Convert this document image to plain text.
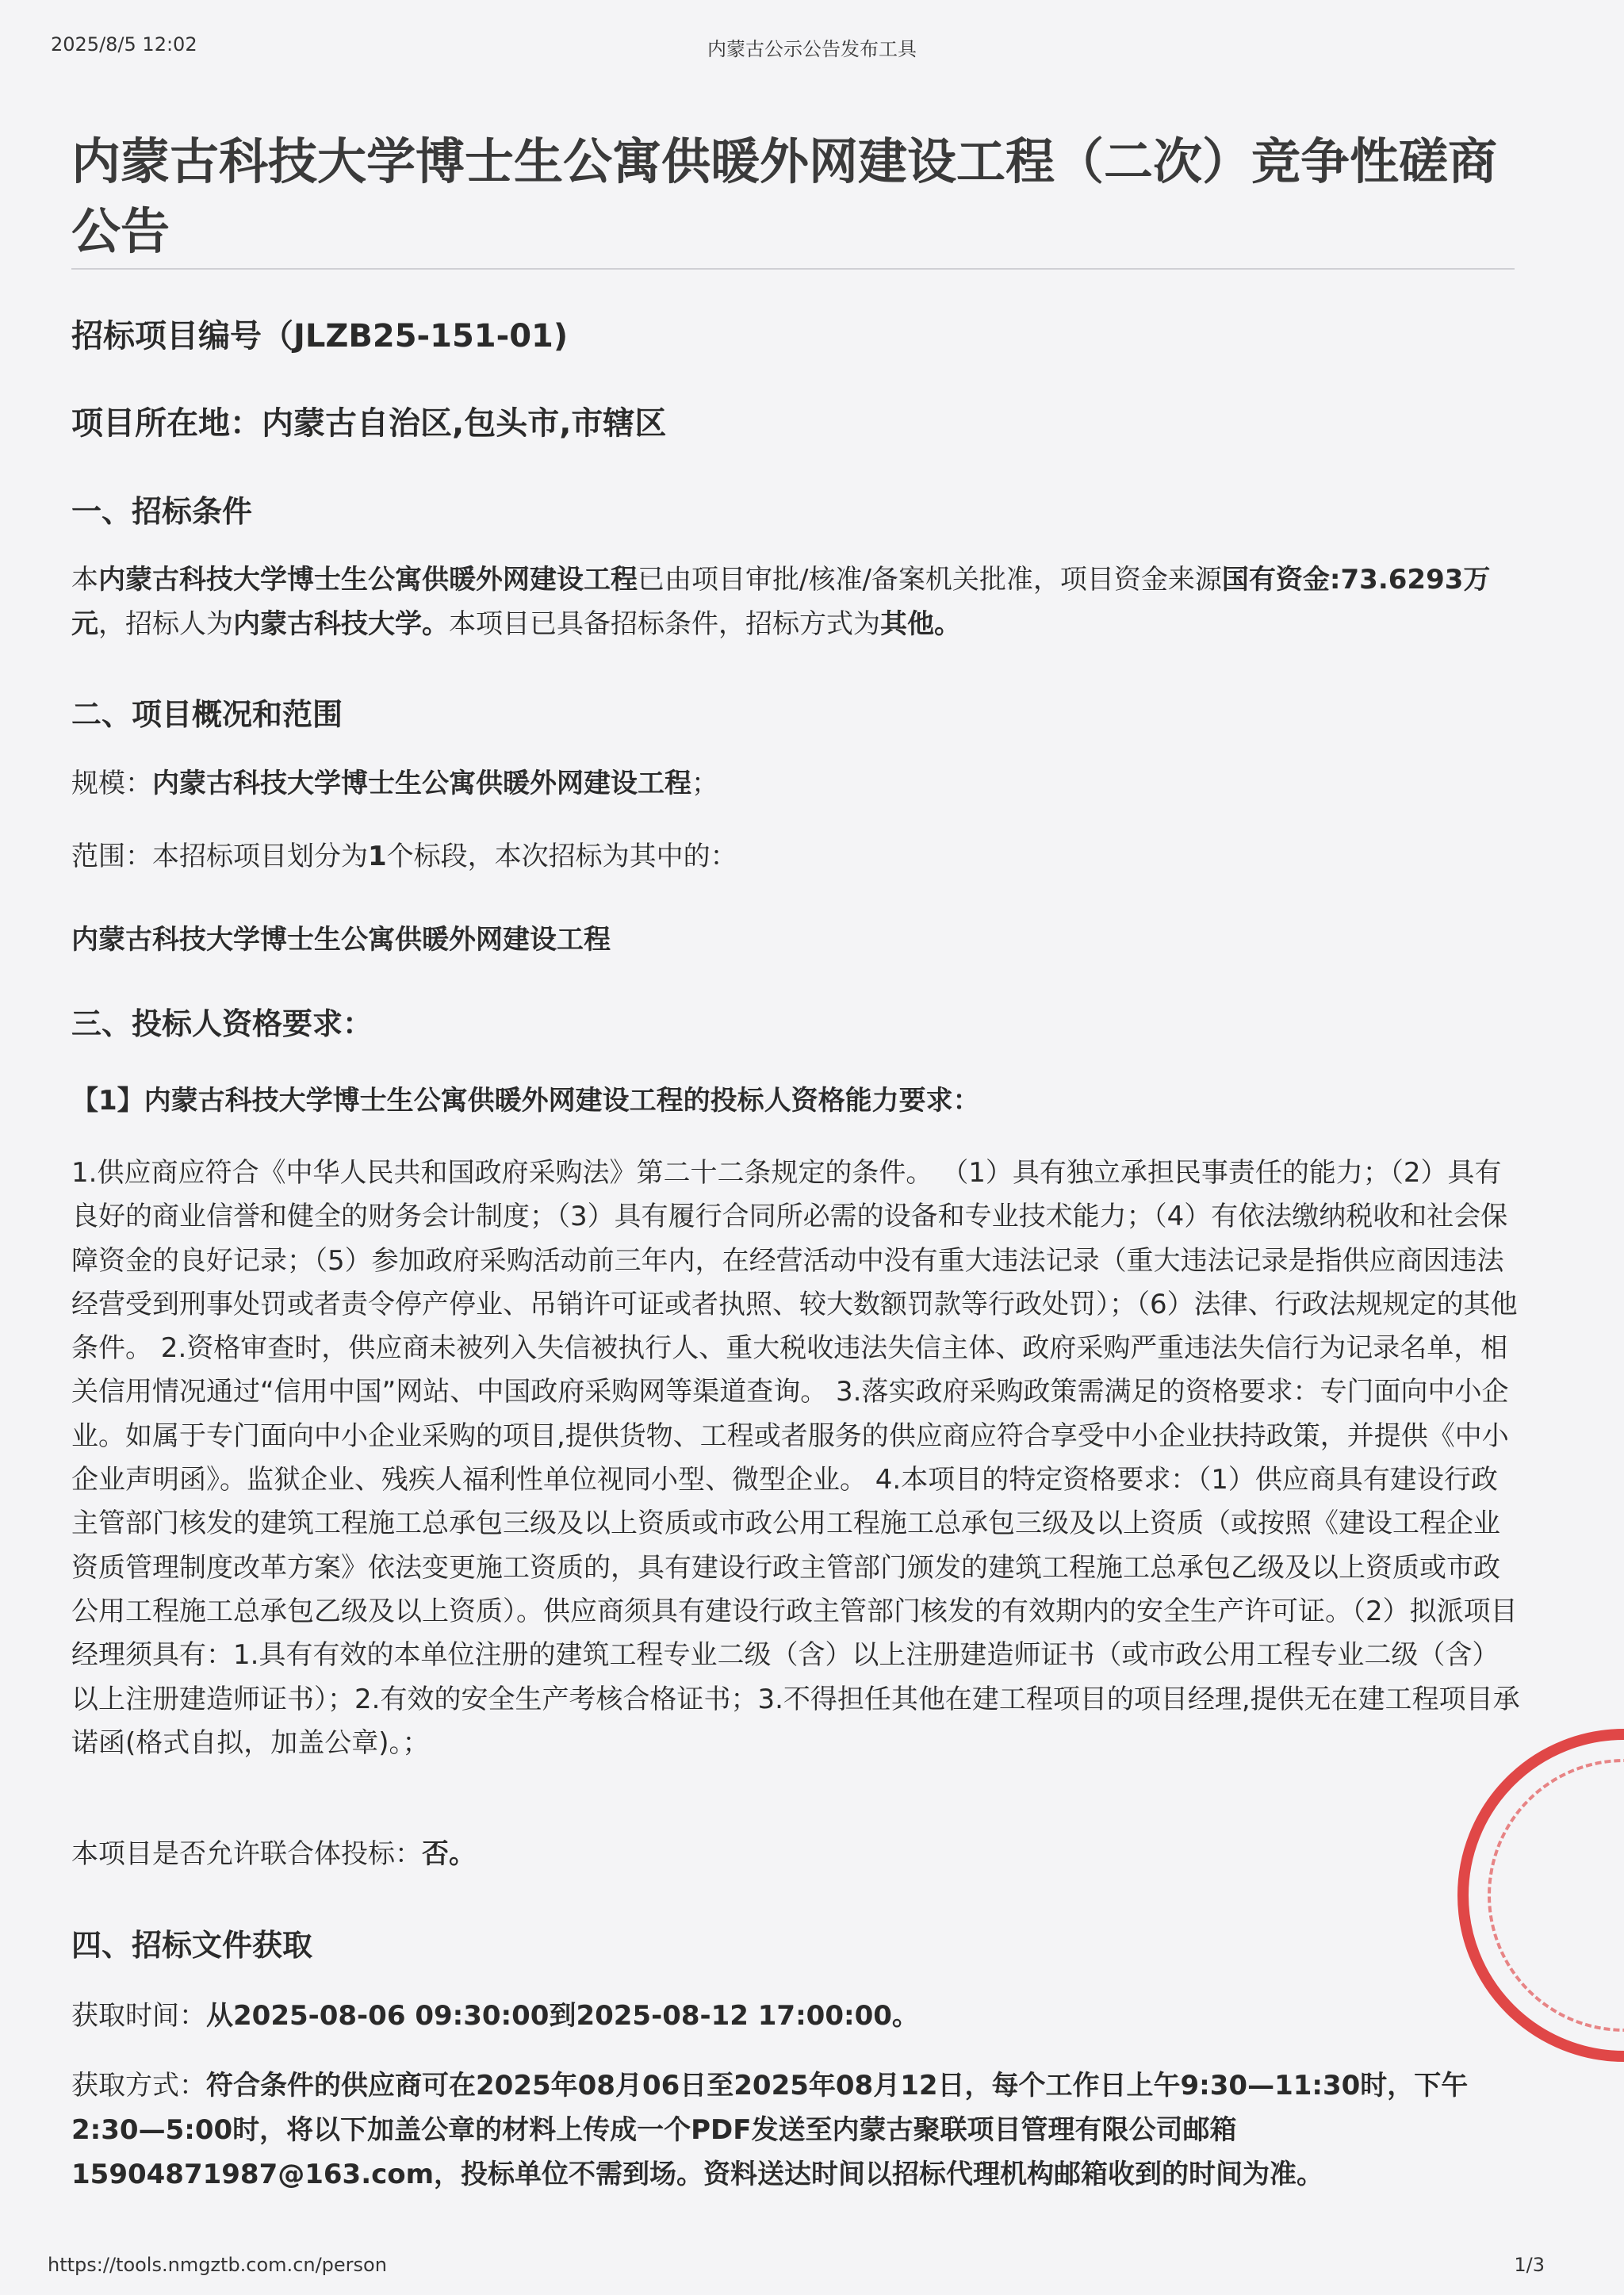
2025/8/5 12:02	内蒙古公示公告发布工具
内蒙古科技大学博士生公寓供暖外网建设工程（二次）竞争性磋商公告
招标项目编号（JLZB25-151-01)
项目所在地：内蒙古自治区,包头市,市辖区
一、招标条件
本内蒙古科技大学博士生公寓供暖外网建设工程已由项目审批/核准/备案机关批准，项目资金来源国有资金:73.6293万元，招标人为内蒙古科技大学。本项目已具备招标条件，招标方式为其他。
二、项目概况和范围
规模：内蒙古科技大学博士生公寓供暖外网建设工程；
范围：本招标项目划分为1个标段，本次招标为其中的：
内蒙古科技大学博士生公寓供暖外网建设工程
三、投标人资格要求：
【1】内蒙古科技大学博士生公寓供暖外网建设工程的投标人资格能力要求：
1.供应商应符合《中华人民共和国政府采购法》第二十二条规定的条件。 （1）具有独立承担民事责任的能力；（2）具有良好的商业信誉和健全的财务会计制度；（3）具有履行合同所必需的设备和专业技术能力；（4）有依法缴纳税收和社会保障资金的良好记录；（5）参加政府采购活动前三年内，在经营活动中没有重大违法记录（重大违法记录是指供应商因违法经营受到刑事处罚或者责令停产停业、吊销许可证或者执照、较大数额罚款等行政处罚）；（6）法律、行政法规规定的其他条件。 2.资格审查时，供应商未被列入失信被执行人、重大税收违法失信主体、政府采购严重违法失信行为记录名单，相关信用情况通过“信用中国”网站、中国政府采购网等渠道查询。 3.落实政府采购政策需满足的资格要求：专门面向中小企业。如属于专门面向中小企业采购的项目,提供货物、工程或者服务的供应商应符合享受中小企业扶持政策，并提供《中小企业声明函》。监狱企业、残疾人福利性单位视同小型、微型企业。 4.本项目的特定资格要求：（1）供应商具有建设行政主管部门核发的建筑工程施工总承包三级及以上资质或市政公用工程施工总承包三级及以上资质（或按照《建设工程企业资质管理制度改革方案》依法变更施工资质的，具有建设行政主管部门颁发的建筑工程施工总承包乙级及以上资质或市政公用工程施工总承包乙级及以上资质）。供应商须具有建设行政主管部门核发的有效期内的安全生产许可证。（2）拟派项目经理须具有：1.具有有效的本单位注册的建筑工程专业二级（含）以上注册建造师证书（或市政公用工程专业二级（含）以上注册建造师证书）；2.有效的安全生产考核合格证书；3.不得担任其他在建工程项目的项目经理,提供无在建工程项目承诺函(格式自拟，加盖公章)。；
本项目是否允许联合体投标：否。
四、招标文件获取
获取时间：从2025-08-06 09:30:00到2025-08-12 17:00:00。
获取方式：符合条件的供应商可在2025年08月06日至2025年08月12日，每个工作日上午9:30—11:30时，下午2:30—5:00时，将以下加盖公章的材料上传成一个PDF发送至内蒙古聚联项目管理有限公司邮箱15904871987@163.com，投标单位不需到场。资料送达时间以招标代理机构邮箱收到的时间为准。
https://tools.nmgztb.com.cn/person	1/3
